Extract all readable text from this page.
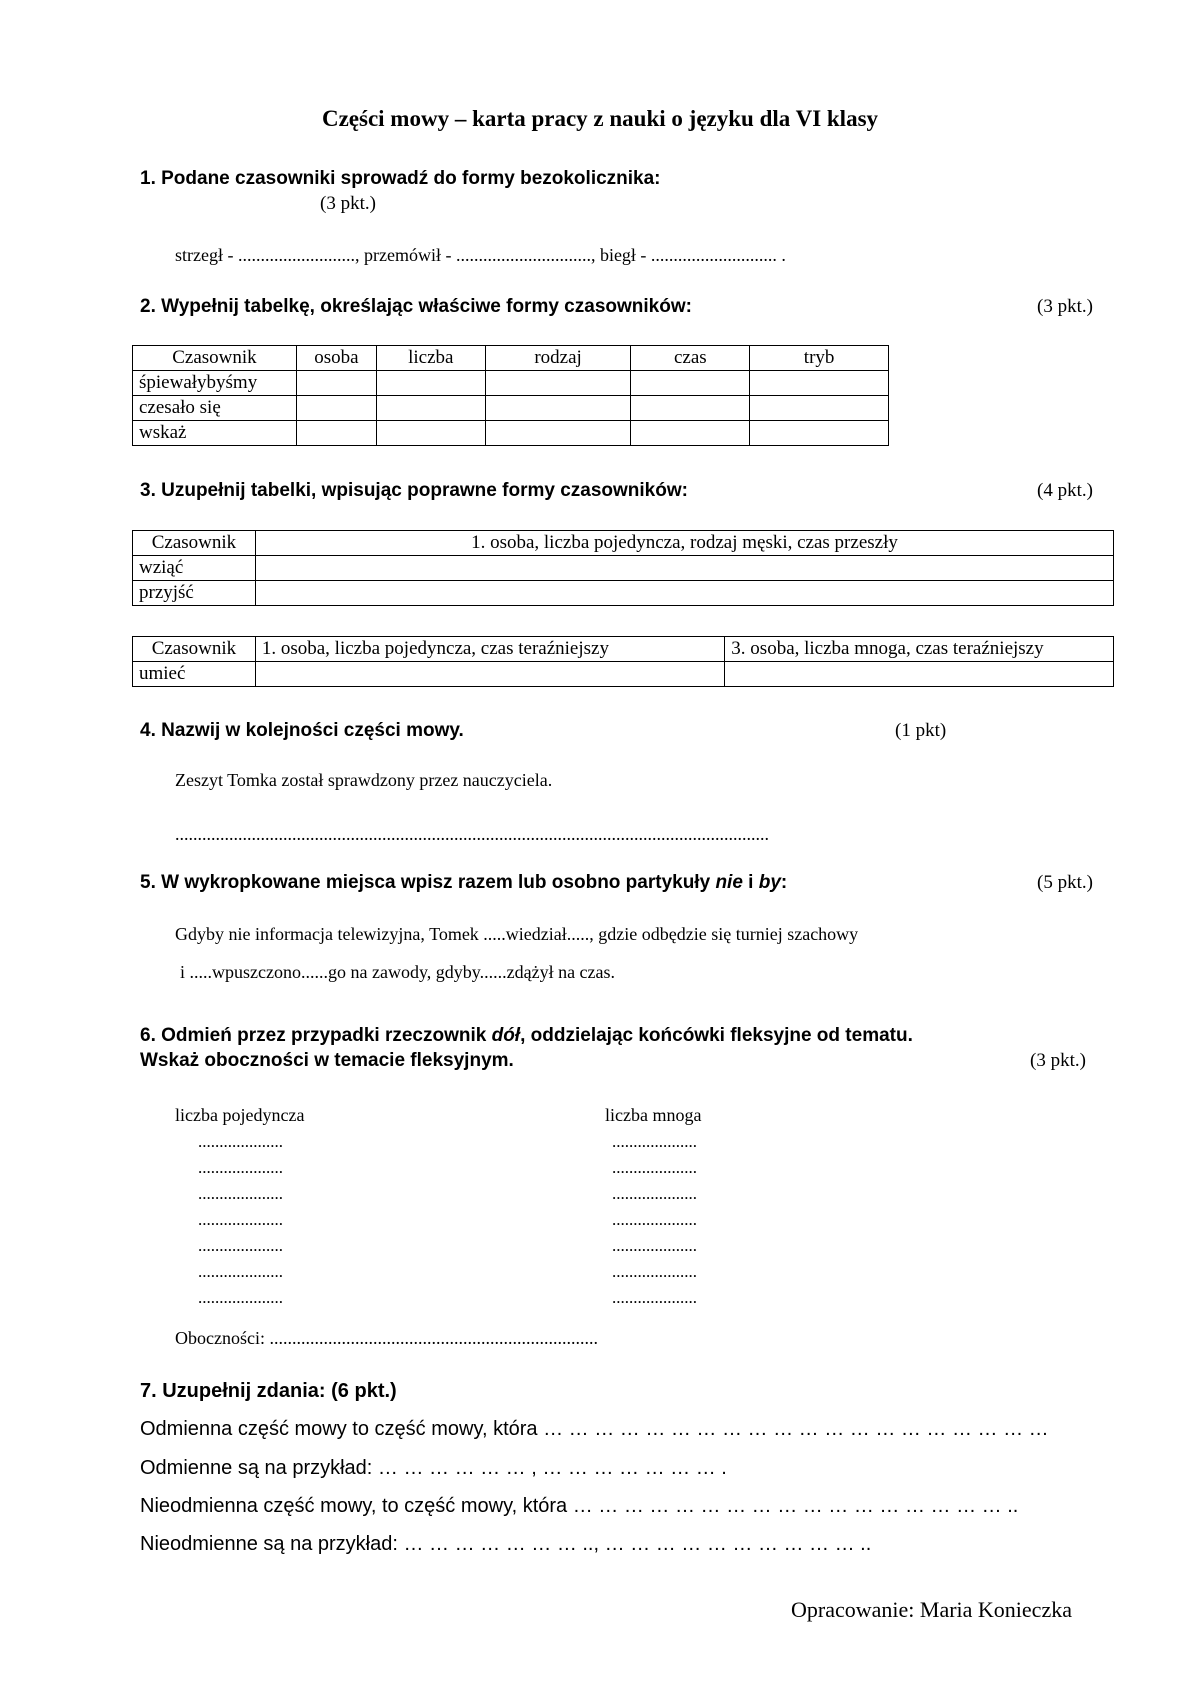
Części mowy – karta pracy z nauki o języku dla VI klasy
1. Podane czasowniki sprowadź do formy bezokolicznika:
(3 pkt.)
strzegł - .........................., przemówił - .............................., biegł - ............................ .
2. Wypełnij tabelkę, określając właściwe formy czasowników:	(3 pkt.)
Czasownik	osoba	liczba	rodzaj	czas	tryb
śpiewałybyśmy					
czesało się					
wskaż					
3. Uzupełnij tabelki, wpisując poprawne formy czasowników:	(4 pkt.)
Czasownik	1. osoba, liczba pojedyncza, rodzaj męski, czas przeszły
wziąć	
przyjść	
Czasownik	1. osoba, liczba pojedyncza, czas teraźniejszy	3. osoba, liczba mnoga, czas teraźniejszy
umieć		
4. Nazwij w kolejności części mowy.	(1 pkt)
Zeszyt Tomka został sprawdzony przez nauczyciela.
....................................................................................................................................
5. W wykropkowane miejsca wpisz razem lub osobno partykuły nie i by:	(5 pkt.)
Gdyby nie informacja telewizyjna, Tomek .....wiedział....., gdzie odbędzie się turniej szachowy
i .....wpuszczono......go na zawody, gdyby......zdążył na czas.
6. Odmień przez przypadki rzeczownik dół, oddzielając końcówki fleksyjne od tematu.
Wskaż oboczności w temacie fleksyjnym.	(3 pkt.)
liczba pojedyncza	liczba mnoga
....................
....................
....................
....................
....................
....................
....................
....................
....................
....................
....................
....................
....................
....................
Oboczności: .........................................................................
7. Uzupełnij zdania: (6 pkt.)
Odmienna część mowy to część mowy, która … … … … … … … … … … … … … … … … … … … …
Odmienne są na przykład: … … … … … … , … … … … … … … .
Nieodmienna część mowy, to część mowy, która … … … … … … … … … … … … … … … … … ..
Nieodmienne są na przykład: … … … … … … … .., … … … … … … … … … … ..
Opracowanie: Maria Konieczka
